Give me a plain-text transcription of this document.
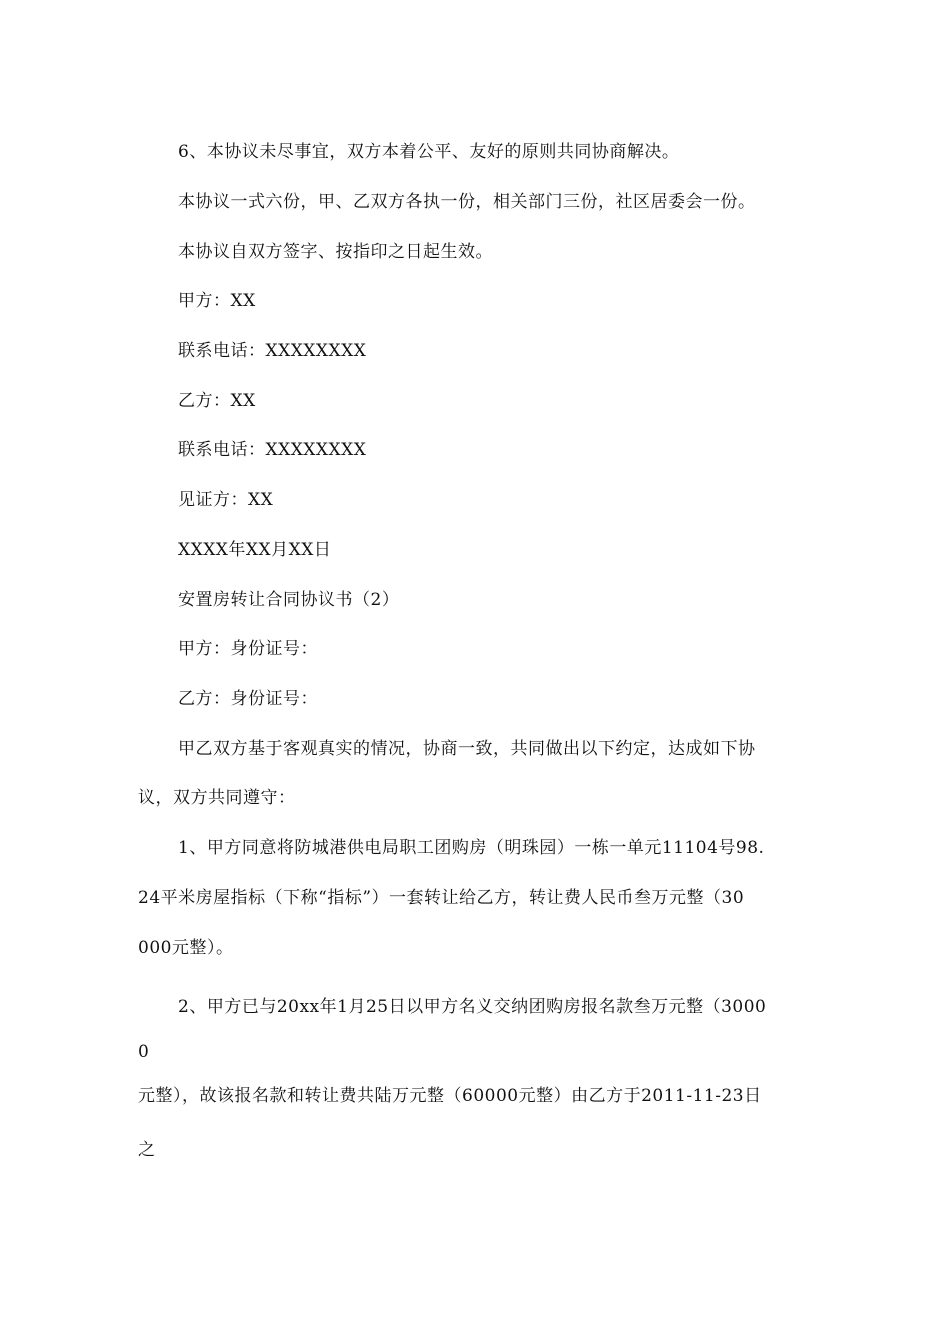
6、本协议未尽事宜，双方本着公平、友好的原则共同协商解决。
本协议一式六份，甲、乙双方各执一份，相关部门三份，社区居委会一份。
本协议自双方签字、按指印之日起生效。
甲方：XX
联系电话：XXXXXXXX
乙方：XX
联系电话：XXXXXXXX
见证方：XX
XXXX年XX月XX日
安置房转让合同协议书（2）
甲方：身份证号：
乙方：身份证号：
甲乙双方基于客观真实的情况，协商一致，共同做出以下约定，达成如下协
议，双方共同遵守：
1、甲方同意将防城港供电局职工团购房（明珠园）一栋一单元11104号98.
24平米房屋指标（下称“指标”）一套转让给乙方，转让费人民币叁万元整（30
000元整）。
2、甲方已与20xx年1月25日以甲方名义交纳团购房报名款叁万元整（3000
0
元整），故该报名款和转让费共陆万元整（60000元整）由乙方于2011-11-23日
之
